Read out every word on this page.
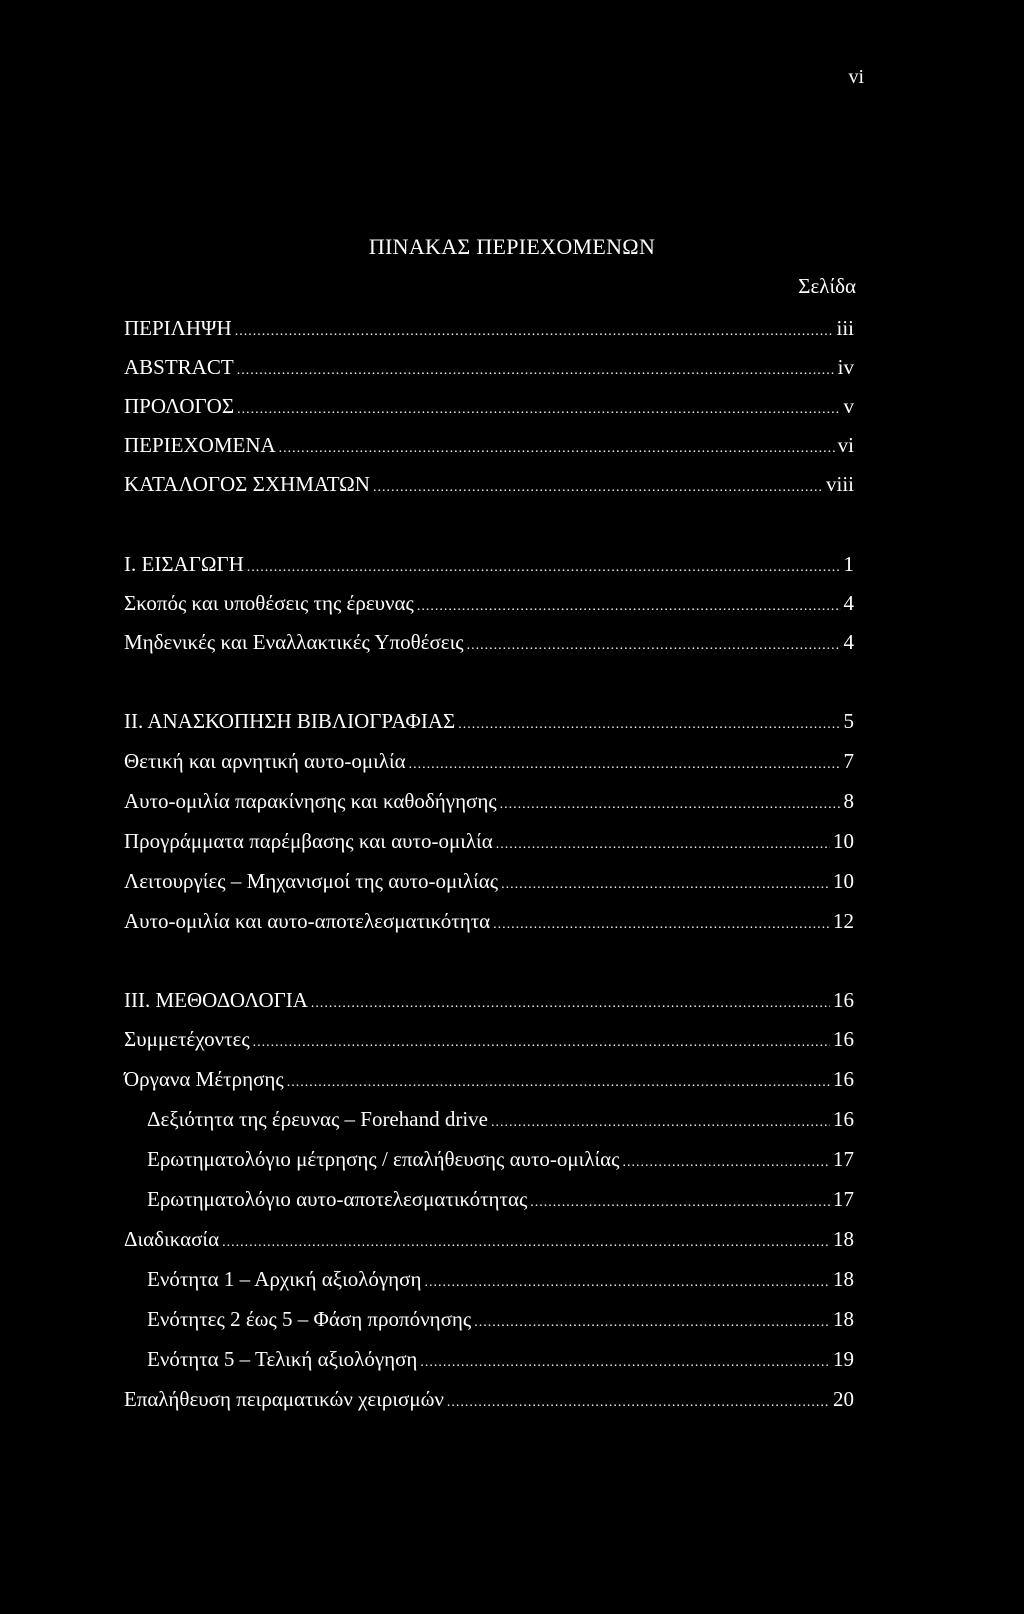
vi
ΠΙΝΑΚΑΣ ΠΕΡΙΕΧΟΜΕΝΩΝ
Σελίδα
ΠΕΡΙΛΗΨΗ .....	iii
ABSTRACT .....	iv
ΠΡΟΛΟΓΟΣ .....	v
ΠΕΡΙΕΧΟΜΕΝΑ .....	vi
ΚΑΤΑΛΟΓΟΣ ΣΧΗΜΑΤΩΝ .....	viii
Ι. ΕΙΣΑΓΩΓΗ .....	1
Σκοπός και υποθέσεις της έρευνας .....	4
Μηδενικές και Εναλλακτικές Υποθέσεις .....	4
ΙΙ. ΑΝΑΣΚΟΠΗΣΗ ΒΙΒΛΙΟΓΡΑΦΙΑΣ .....	5
Θετική και αρνητική αυτο-ομιλία .....	7
Αυτο-ομιλία παρακίνησης και καθοδήγησης .....	8
Προγράμματα παρέμβασης και αυτο-ομιλία .....	10
Λειτουργίες – Μηχανισμοί της αυτο-ομιλίας .....	10
Αυτο-ομιλία και αυτο-αποτελεσματικότητα .....	12
ΙΙΙ. ΜΕΘΟΔΟΛΟΓΙΑ .....	16
Συμμετέχοντες .....	16
Όργανα Μέτρησης .....	16
Δεξιότητα της έρευνας – Forehand drive .....	16
Ερωτηματολόγιο μέτρησης / επαλήθευσης αυτο-ομιλίας .....	17
Ερωτηματολόγιο αυτο-αποτελεσματικότητας .....	17
Διαδικασία .....	18
Ενότητα 1 – Αρχική αξιολόγηση .....	18
Ενότητες 2 έως 5 – Φάση προπόνησης .....	18
Ενότητα 5 – Τελική αξιολόγηση .....	19
Επαλήθευση πειραματικών χειρισμών .....	20
